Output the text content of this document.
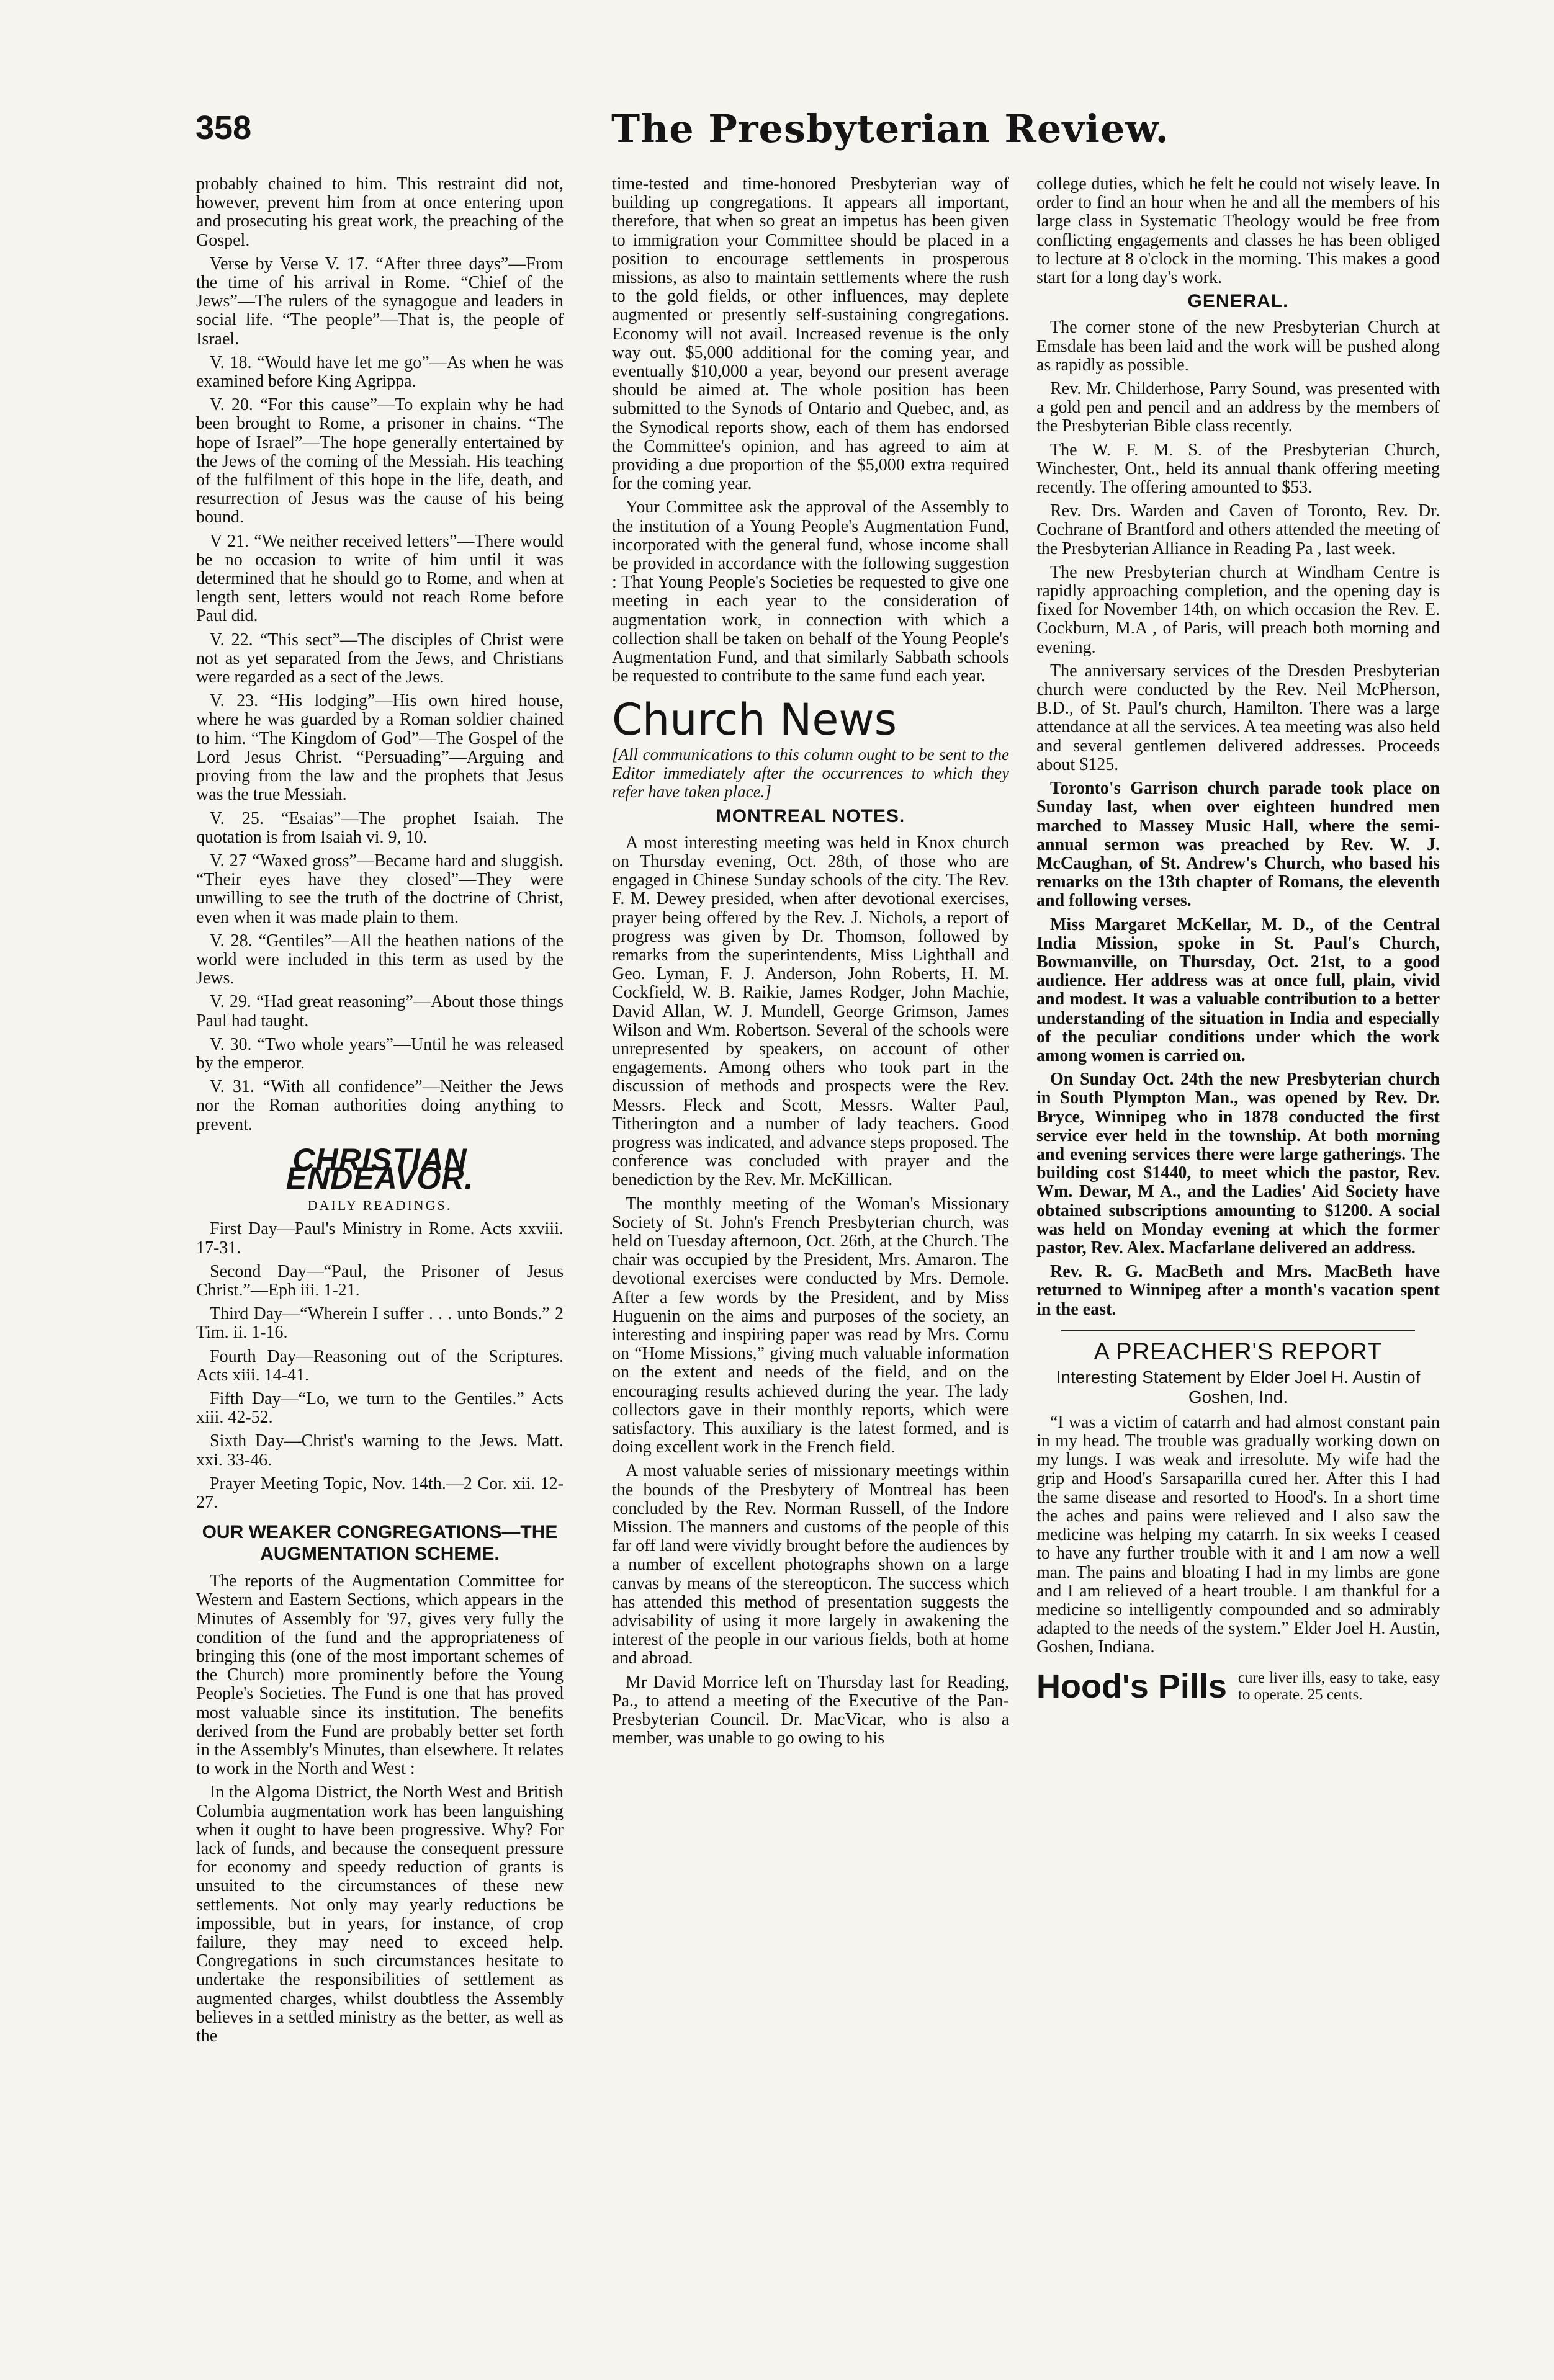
358	The Presbyterian Review.

probably chained to him. This restraint did not, however, prevent him from at once entering upon and prosecuting his great work, the preaching of the Gospel.

Verse by Verse V. 17. “After three days”—From the time of his arrival in Rome. “Chief of the Jews”—The rulers of the synagogue and leaders in social life. “The people”—That is, the people of Israel.

V. 18. “Would have let me go”—As when he was examined before King Agrippa.

V. 20. “For this cause”—To explain why he had been brought to Rome, a prisoner in chains. “The hope of Israel”—The hope generally entertained by the Jews of the coming of the Messiah. His teaching of the fulfilment of this hope in the life, death, and resurrection of Jesus was the cause of his being bound.

V 21. “We neither received letters”—There would be no occasion to write of him until it was determined that he should go to Rome, and when at length sent, letters would not reach Rome before Paul did.

V. 22. “This sect”—The disciples of Christ were not as yet separated from the Jews, and Christians were regarded as a sect of the Jews.

V. 23. “His lodging”—His own hired house, where he was guarded by a Roman soldier chained to him. “The Kingdom of God”—The Gospel of the Lord Jesus Christ. “Persuading”—Arguing and proving from the law and the prophets that Jesus was the true Messiah.

V. 25. “Esaias”—The prophet Isaiah. The quotation is from Isaiah vi. 9, 10.

V. 27 “Waxed gross”—Became hard and sluggish. “Their eyes have they closed”—They were unwilling to see the truth of the doctrine of Christ, even when it was made plain to them.

V. 28. “Gentiles”—All the heathen nations of the world were included in this term as used by the Jews.

V. 29. “Had great reasoning”—About those things Paul had taught.

V. 30. “Two whole years”—Until he was released by the emperor.

V. 31. “With all confidence”—Neither the Jews nor the Roman authorities doing anything to prevent.

CHRISTIAN ENDEAVOR.
DAILY READINGS.

First Day—Paul's Ministry in Rome. Acts xxviii. 17-31.

Second Day—“Paul, the Prisoner of Jesus Christ.”—Eph iii. 1-21.

Third Day—“Wherein I suffer . . . unto Bonds.” 2 Tim. ii. 1-16.

Fourth Day—Reasoning out of the Scriptures. Acts xiii. 14-41.

Fifth Day—“Lo, we turn to the Gentiles.” Acts xiii. 42-52.

Sixth Day—Christ's warning to the Jews. Matt. xxi. 33-46.

Prayer Meeting Topic, Nov. 14th.—2 Cor. xii. 12-27.

OUR WEAKER CONGREGATIONS—THE AUGMENTATION SCHEME.

The reports of the Augmentation Committee for Western and Eastern Sections, which appears in the Minutes of Assembly for '97, gives very fully the condition of the fund and the appropriateness of bringing this (one of the most important schemes of the Church) more prominently before the Young People's Societies. The Fund is one that has proved most valuable since its institution. The benefits derived from the Fund are probably better set forth in the Assembly's Minutes, than elsewhere. It relates to work in the North and West :

In the Algoma District, the North West and British Columbia augmentation work has been languishing when it ought to have been progressive. Why? For lack of funds, and because the consequent pressure for economy and speedy reduction of grants is unsuited to the circumstances of these new settlements. Not only may yearly reductions be impossible, but in years, for instance, of crop failure, they may need to exceed help. Congregations in such circumstances hesitate to undertake the responsibilities of settlement as augmented charges, whilst doubtless the Assembly believes in a settled ministry as the better, as well as the

time-tested and time-honored Presbyterian way of building up congregations. It appears all important, therefore, that when so great an impetus has been given to immigration your Committee should be placed in a position to encourage settlements in prosperous missions, as also to maintain settlements where the rush to the gold fields, or other influences, may deplete augmented or presently self-sustaining congregations. Economy will not avail. Increased revenue is the only way out. $5,000 additional for the coming year, and eventually $10,000 a year, beyond our present average should be aimed at. The whole position has been submitted to the Synods of Ontario and Quebec, and, as the Synodical reports show, each of them has endorsed the Committee's opinion, and has agreed to aim at providing a due proportion of the $5,000 extra required for the coming year.

Your Committee ask the approval of the Assembly to the institution of a Young People's Augmentation Fund, incorporated with the general fund, whose income shall be provided in accordance with the following suggestion : That Young People's Societies be requested to give one meeting in each year to the consideration of augmentation work, in connection with which a collection shall be taken on behalf of the Young People's Augmentation Fund, and that similarly Sabbath schools be requested to contribute to the same fund each year.

Church News
[All communications to this column ought to be sent to the Editor immediately after the occurrences to which they refer have taken place.]
MONTREAL NOTES.

A most interesting meeting was held in Knox church on Thursday evening, Oct. 28th, of those who are engaged in Chinese Sunday schools of the city. The Rev. F. M. Dewey presided, when after devotional exercises, prayer being offered by the Rev. J. Nichols, a report of progress was given by Dr. Thomson, followed by remarks from the superintendents, Miss Lighthall and Geo. Lyman, F. J. Anderson, John Roberts, H. M. Cockfield, W. B. Raikie, James Rodger, John Machie, David Allan, W. J. Mundell, George Grimson, James Wilson and Wm. Robertson. Several of the schools were unrepresented by speakers, on account of other engagements. Among others who took part in the discussion of methods and prospects were the Rev. Messrs. Fleck and Scott, Messrs. Walter Paul, Titherington and a number of lady teachers. Good progress was indicated, and advance steps proposed. The conference was concluded with prayer and the benediction by the Rev. Mr. McKillican.

The monthly meeting of the Woman's Missionary Society of St. John's French Presbyterian church, was held on Tuesday afternoon, Oct. 26th, at the Church. The chair was occupied by the President, Mrs. Amaron. The devotional exercises were conducted by Mrs. Demole. After a few words by the President, and by Miss Huguenin on the aims and purposes of the society, an interesting and inspiring paper was read by Mrs. Cornu on “Home Missions,” giving much valuable information on the extent and needs of the field, and on the encouraging results achieved during the year. The lady collectors gave in their monthly reports, which were satisfactory. This auxiliary is the latest formed, and is doing excellent work in the French field.

A most valuable series of missionary meetings within the bounds of the Presbytery of Montreal has been concluded by the Rev. Norman Russell, of the Indore Mission. The manners and customs of the people of this far off land were vividly brought before the audiences by a number of excellent photographs shown on a large canvas by means of the stereopticon. The success which has attended this method of presentation suggests the advisability of using it more largely in awakening the interest of the people in our various fields, both at home and abroad.

Mr David Morrice left on Thursday last for Reading, Pa., to attend a meeting of the Executive of the Pan-Presbyterian Council. Dr. MacVicar, who is also a member, was unable to go owing to his

college duties, which he felt he could not wisely leave. In order to find an hour when he and all the members of his large class in Systematic Theology would be free from conflicting engagements and classes he has been obliged to lecture at 8 o'clock in the morning. This makes a good start for a long day's work.

GENERAL.

The corner stone of the new Presbyterian Church at Emsdale has been laid and the work will be pushed along as rapidly as possible.

Rev. Mr. Childerhose, Parry Sound, was presented with a gold pen and pencil and an address by the members of the Presbyterian Bible class recently.

The W. F. M. S. of the Presbyterian Church, Winchester, Ont., held its annual thank offering meeting recently. The offering amounted to $53.

Rev. Drs. Warden and Caven of Toronto, Rev. Dr. Cochrane of Brantford and others attended the meeting of the Presbyterian Alliance in Reading Pa , last week.

The new Presbyterian church at Windham Centre is rapidly approaching completion, and the opening day is fixed for November 14th, on which occasion the Rev. E. Cockburn, M.A , of Paris, will preach both morning and evening.

The anniversary services of the Dresden Presbyterian church were conducted by the Rev. Neil McPherson, B.D., of St. Paul's church, Hamilton. There was a large attendance at all the services. A tea meeting was also held and several gentlemen delivered addresses. Proceeds about $125.

Toronto's Garrison church parade took place on Sunday last, when over eighteen hundred men marched to Massey Music Hall, where the semi-annual sermon was preached by Rev. W. J. McCaughan, of St. Andrew's Church, who based his remarks on the 13th chapter of Romans, the eleventh and following verses.

Miss Margaret McKellar, M. D., of the Central India Mission, spoke in St. Paul's Church, Bowmanville, on Thursday, Oct. 21st, to a good audience. Her address was at once full, plain, vivid and modest. It was a valuable contribution to a better understanding of the situation in India and especially of the peculiar conditions under which the work among women is carried on.

On Sunday Oct. 24th the new Presbyterian church in South Plympton Man., was opened by Rev. Dr. Bryce, Winnipeg who in 1878 conducted the first service ever held in the township. At both morning and evening services there were large gatherings. The building cost $1440, to meet which the pastor, Rev. Wm. Dewar, M A., and the Ladies' Aid Society have obtained subscriptions amounting to $1200. A social was held on Monday evening at which the former pastor, Rev. Alex. Macfarlane delivered an address.

Rev. R. G. MacBeth and Mrs. MacBeth have returned to Winnipeg after a month's vacation spent in the east.

A PREACHER'S REPORT
Interesting Statement by Elder Joel H. Austin of Goshen, Ind.

“I was a victim of catarrh and had almost constant pain in my head. The trouble was gradually working down on my lungs. I was weak and irresolute. My wife had the grip and Hood's Sarsaparilla cured her. After this I had the same disease and resorted to Hood's. In a short time the aches and pains were relieved and I also saw the medicine was helping my catarrh. In six weeks I ceased to have any further trouble with it and I am now a well man. The pains and bloating I had in my limbs are gone and I am relieved of a heart trouble. I am thankful for a medicine so intelligently compounded and so admirably adapted to the needs of the system.” Elder Joel H. Austin, Goshen, Indiana.

Hood's Pills cure liver ills, easy to take, easy to operate. 25 cents.
